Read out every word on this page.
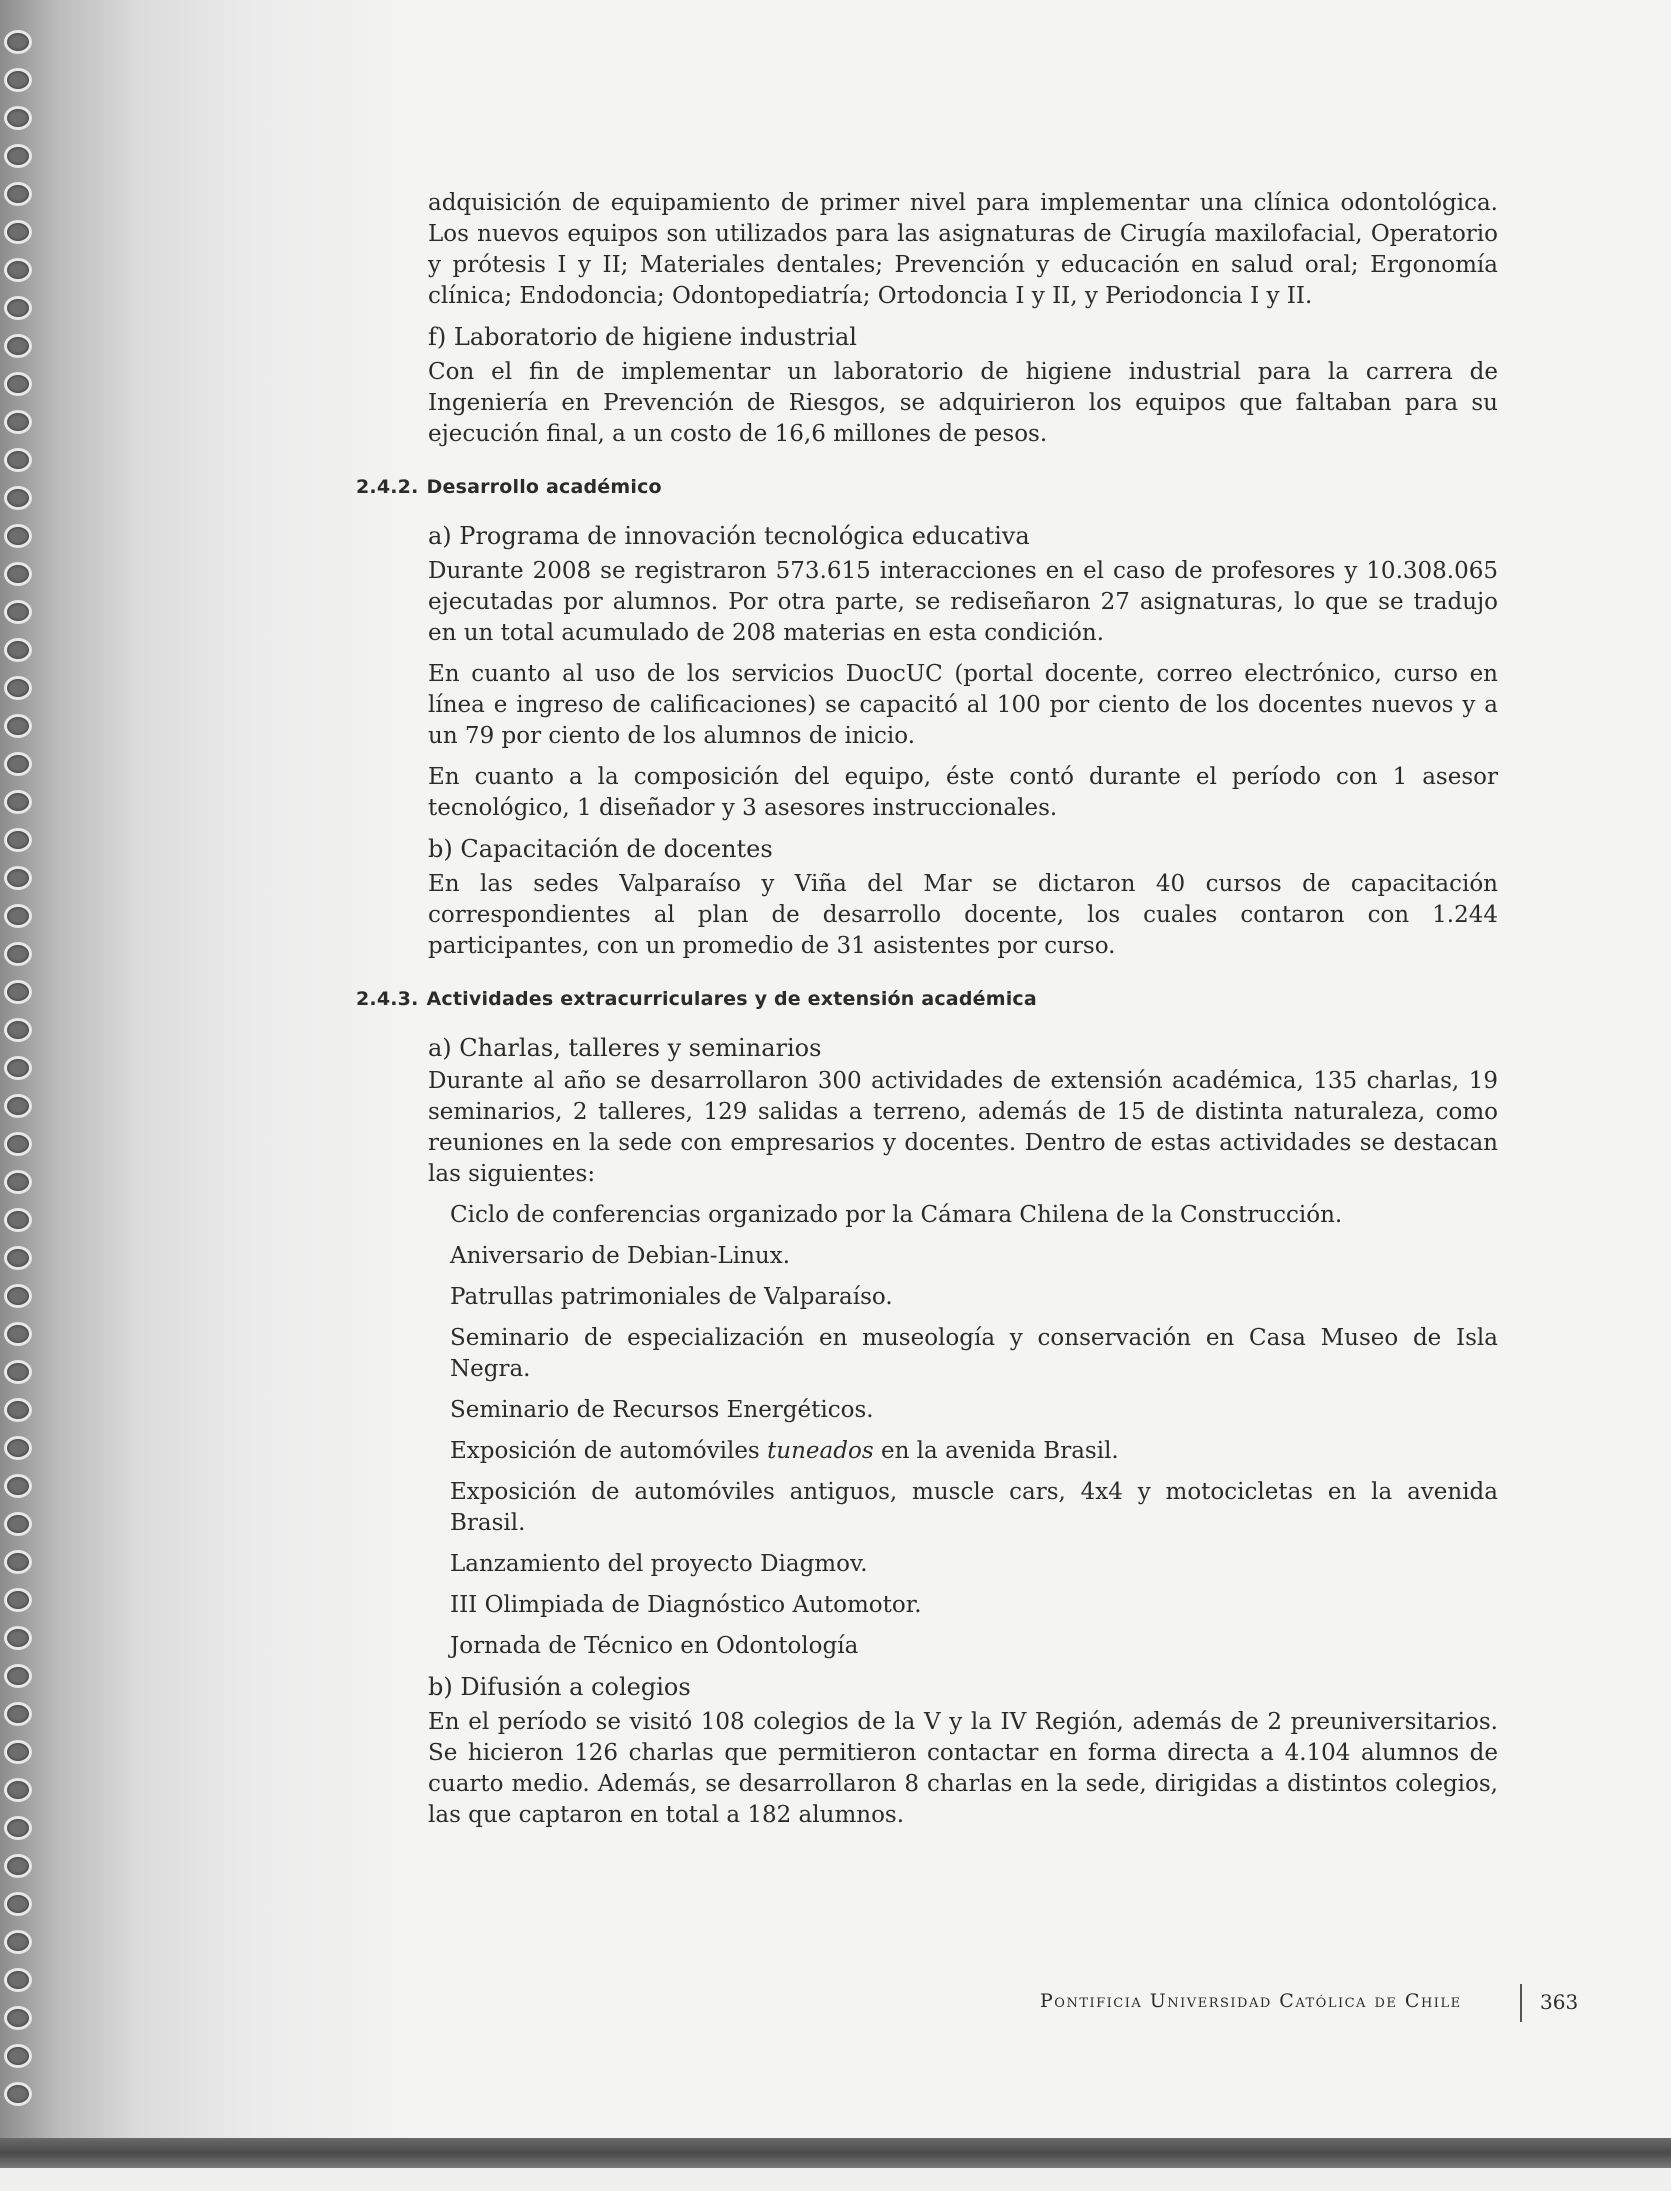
adquisición de equipamiento de primer nivel para implementar una clínica odontológica. Los nuevos equipos son utilizados para las asignaturas de Cirugía maxilofacial, Operatorio y prótesis I y II; Materiales dentales; Prevención y educación en salud oral; Ergonomía clínica; Endodoncia; Odontopediatría; Ortodoncia I y II, y Periodoncia I y II.

f) Laboratorio de higiene industrial

Con el fin de implementar un laboratorio de higiene industrial para la carrera de Ingeniería en Prevención de Riesgos, se adquirieron los equipos que faltaban para su ejecución final, a un costo de 16,6 millones de pesos.

2.4.2. Desarrollo académico
a) Programa de innovación tecnológica educativa

Durante 2008 se registraron 573.615 interacciones en el caso de profesores y 10.308.065 ejecutadas por alumnos. Por otra parte, se rediseñaron 27 asignaturas, lo que se tradujo en un total acumulado de 208 materias en esta condición.

En cuanto al uso de los servicios DuocUC (portal docente, correo electrónico, curso en línea e ingreso de calificaciones) se capacitó al 100 por ciento de los docentes nuevos y a un 79 por ciento de los alumnos de inicio.

En cuanto a la composición del equipo, éste contó durante el período con 1 asesor tecnológico, 1 diseñador y 3 asesores instruccionales.

b) Capacitación de docentes

En las sedes Valparaíso y Viña del Mar se dictaron 40 cursos de capacitación correspondientes al plan de desarrollo docente, los cuales contaron con 1.244 participantes, con un promedio de 31 asistentes por curso.

2.4.3. Actividades extracurriculares y de extensión académica
a) Charlas, talleres y seminarios

Durante al año se desarrollaron 300 actividades de extensión académica, 135 charlas, 19 seminarios, 2 talleres, 129 salidas a terreno, además de 15 de distinta naturaleza, como reuniones en la sede con empresarios y docentes. Dentro de estas actividades se destacan las siguientes:

Ciclo de conferencias organizado por la Cámara Chilena de la Construcción.
Aniversario de Debian-Linux.
Patrullas patrimoniales de Valparaíso.
Seminario de especialización en museología y conservación en Casa Museo de Isla Negra.
Seminario de Recursos Energéticos.
Exposición de automóviles tuneados en la avenida Brasil.
Exposición de automóviles antiguos, muscle cars, 4x4 y motocicletas en la avenida Brasil.
Lanzamiento del proyecto Diagmov.
III Olimpiada de Diagnóstico Automotor.
Jornada de Técnico en Odontología
b) Difusión a colegios

En el período se visitó 108 colegios de la V y la IV Región, además de 2 preuniversitarios. Se hicieron 126 charlas que permitieron contactar en forma directa a 4.104 alumnos de cuarto medio. Además, se desarrollaron 8 charlas en la sede, dirigidas a distintos colegios, las que captaron en total a 182 alumnos.

Pontificia Universidad Católica de Chile	363
